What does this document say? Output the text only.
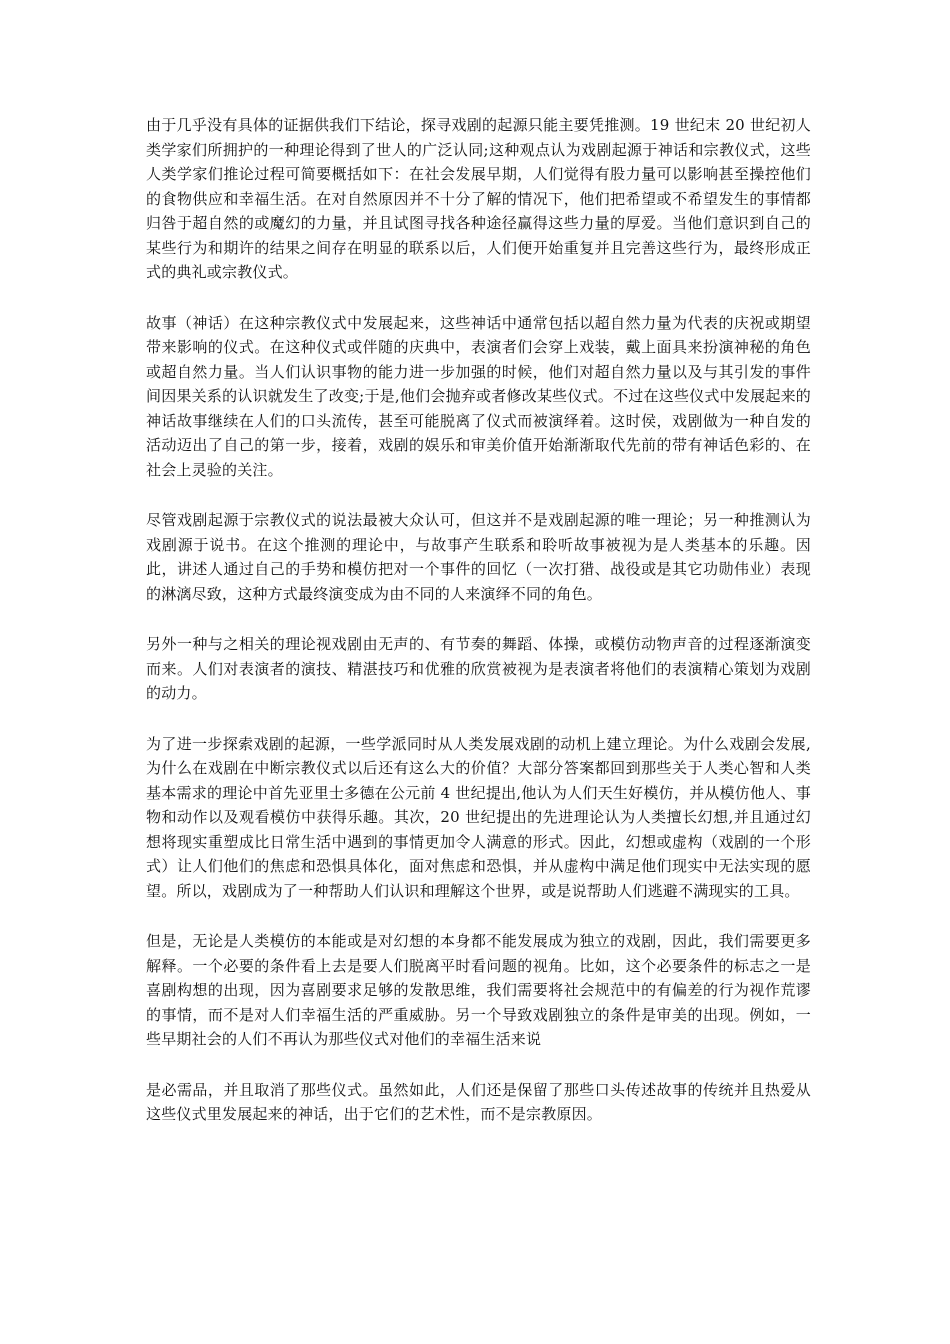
由于几乎没有具体的证据供我们下结论，探寻戏剧的起源只能主要凭推测。19 世纪末 20 世纪初人类学家们所拥护的一种理论得到了世人的广泛认同;这种观点认为戏剧起源于神话和宗教仪式，这些人类学家们推论过程可简要概括如下：在社会发展早期，人们觉得有股力量可以影响甚至操控他们的食物供应和幸福生活。在对自然原因并不十分了解的情况下，他们把希望或不希望发生的事情都归咎于超自然的或魔幻的力量，并且试图寻找各种途径赢得这些力量的厚爱。当他们意识到自己的某些行为和期许的结果之间存在明显的联系以后，人们便开始重复并且完善这些行为，最终形成正式的典礼或宗教仪式。

故事（神话）在这种宗教仪式中发展起来，这些神话中通常包括以超自然力量为代表的庆祝或期望带来影响的仪式。在这种仪式或伴随的庆典中，表演者们会穿上戏装，戴上面具来扮演神秘的角色或超自然力量。当人们认识事物的能力进一步加强的时候，他们对超自然力量以及与其引发的事件间因果关系的认识就发生了改变;于是,他们会抛弃或者修改某些仪式。不过在这些仪式中发展起来的神话故事继续在人们的口头流传，甚至可能脱离了仪式而被演绎着。这时侯，戏剧做为一种自发的活动迈出了自己的第一步，接着，戏剧的娱乐和审美价值开始渐渐取代先前的带有神话色彩的、在社会上灵验的关注。

尽管戏剧起源于宗教仪式的说法最被大众认可，但这并不是戏剧起源的唯一理论；另一种推测认为戏剧源于说书。在这个推测的理论中，与故事产生联系和聆听故事被视为是人类基本的乐趣。因此，讲述人通过自己的手势和模仿把对一个事件的回忆（一次打猎、战役或是其它功勋伟业）表现的淋漓尽致，这种方式最终演变成为由不同的人来演绎不同的角色。

另外一种与之相关的理论视戏剧由无声的、有节奏的舞蹈、体操，或模仿动物声音的过程逐渐演变而来。人们对表演者的演技、精湛技巧和优雅的欣赏被视为是表演者将他们的表演精心策划为戏剧的动力。

为了进一步探索戏剧的起源，一些学派同时从人类发展戏剧的动机上建立理论。为什么戏剧会发展,为什么在戏剧在中断宗教仪式以后还有这么大的价值？大部分答案都回到那些关于人类心智和人类基本需求的理论中首先亚里士多德在公元前 4 世纪提出,他认为人们天生好模仿，并从模仿他人、事物和动作以及观看模仿中获得乐趣。其次，20 世纪提出的先进理论认为人类擅长幻想,并且通过幻想将现实重塑成比日常生活中遇到的事情更加令人满意的形式。因此，幻想或虚构（戏剧的一个形式）让人们他们的焦虑和恐惧具体化，面对焦虑和恐惧，并从虚构中满足他们现实中无法实现的愿望。所以，戏剧成为了一种帮助人们认识和理解这个世界，或是说帮助人们逃避不满现实的工具。

但是，无论是人类模仿的本能或是对幻想的本身都不能发展成为独立的戏剧，因此，我们需要更多解释。一个必要的条件看上去是要人们脱离平时看问题的视角。比如，这个必要条件的标志之一是喜剧构想的出现，因为喜剧要求足够的发散思维，我们需要将社会规范中的有偏差的行为视作荒谬的事情，而不是对人们幸福生活的严重威胁。另一个导致戏剧独立的条件是审美的出现。例如，一些早期社会的人们不再认为那些仪式对他们的幸福生活来说

是必需品，并且取消了那些仪式。虽然如此，人们还是保留了那些口头传述故事的传统并且热爱从这些仪式里发展起来的神话，出于它们的艺术性，而不是宗教原因。
